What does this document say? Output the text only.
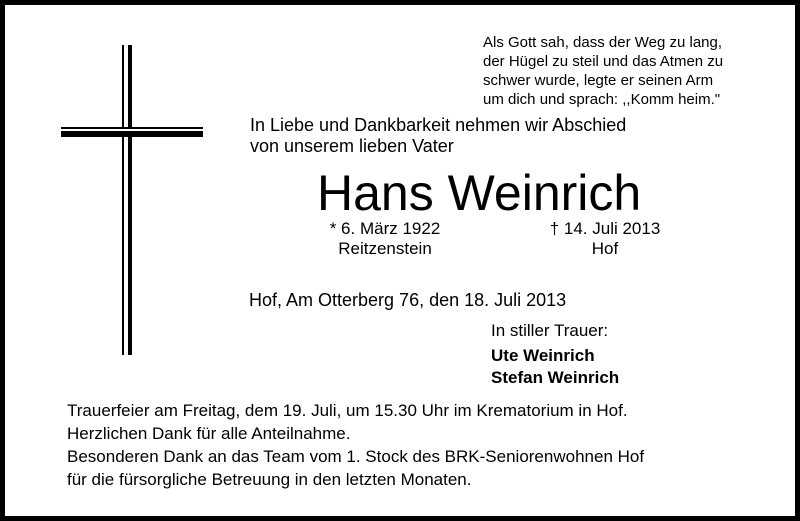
Als Gott sah, dass der Weg zu lang,
der Hügel zu steil und das Atmen zu
schwer wurde, legte er seinen Arm
um dich und sprach: ,,Komm heim."
In Liebe und Dankbarkeit nehmen wir Abschied
von unserem lieben Vater
Hans Weinrich
* 6. März 1922
Reitzenstein
† 14. Juli 2013
Hof
Hof, Am Otterberg 76, den 18. Juli 2013
In stiller Trauer:
Ute Weinrich
Stefan Weinrich
Trauerfeier am Freitag, dem 19. Juli, um 15.30 Uhr im Krematorium in Hof.
Herzlichen Dank für alle Anteilnahme.
Besonderen Dank an das Team vom 1. Stock des BRK-Seniorenwohnen Hof
für die fürsorgliche Betreuung in den letzten Monaten.
